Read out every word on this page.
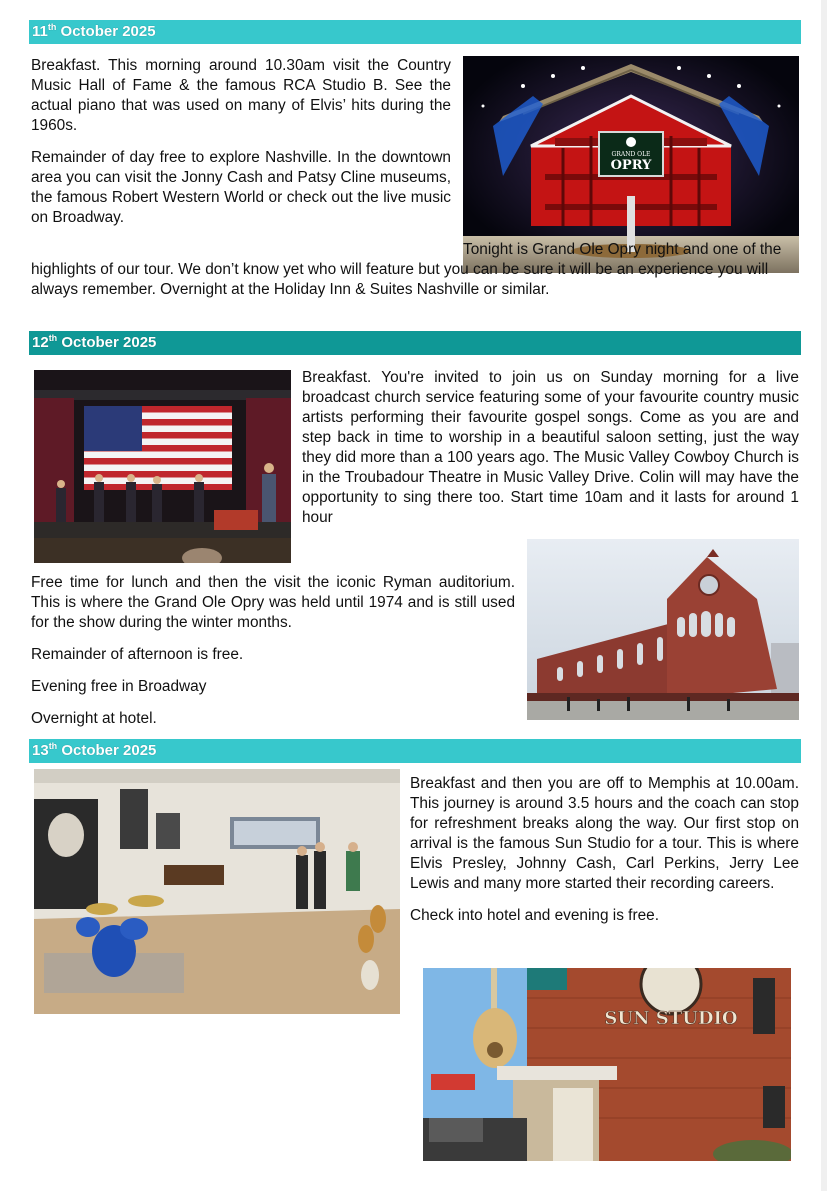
11th October 2025
GRAND OLE
OPRY

Breakfast. This morning around 10.30am visit the Country Music Hall of Fame & the famous RCA Studio B. See the actual piano that was used on many of Elvis’ hits during the 1960s.

Remainder of day free to explore Nashville. In the downtown area you can visit the Jonny Cash and Patsy Cline museums, the famous Robert Western World or check out the live music on Broadway.

Tonight is Grand Ole Opry night and one of the highlights of our tour. We don’t know yet who will feature but you can be sure it will be an experience you will always remember. Overnight at the Holiday Inn & Suites Nashville or similar.

12th October 2025

Breakfast. You're invited to join us on Sunday morning for a live broadcast church service featuring some of your favourite country music artists performing their favourite gospel songs. Come as you are and step back in time to worship in a beautiful saloon setting, just the way they did more than a 100 years ago. The Music Valley Cowboy Church is in the Troubadour Theatre in Music Valley Drive. Colin will may have the opportunity to sing there too. Start time 10am and it lasts for around 1 hour

Free time for lunch and then the visit the iconic Ryman auditorium. This is where the Grand Ole Opry was held until 1974 and is still used for the show during the winter months.

Remainder of afternoon is free.

Evening free in Broadway

Overnight at hotel.

13th October 2025

Breakfast and then you are off to Memphis at 10.00am. This journey is around 3.5 hours and the coach can stop for refreshment breaks along the way. Our first stop on arrival is the famous Sun Studio for a tour. This is where Elvis Presley, Johnny Cash, Carl Perkins, Jerry Lee Lewis and many more started their recording careers.

Check into hotel and evening is free.

SUN STUDIO
